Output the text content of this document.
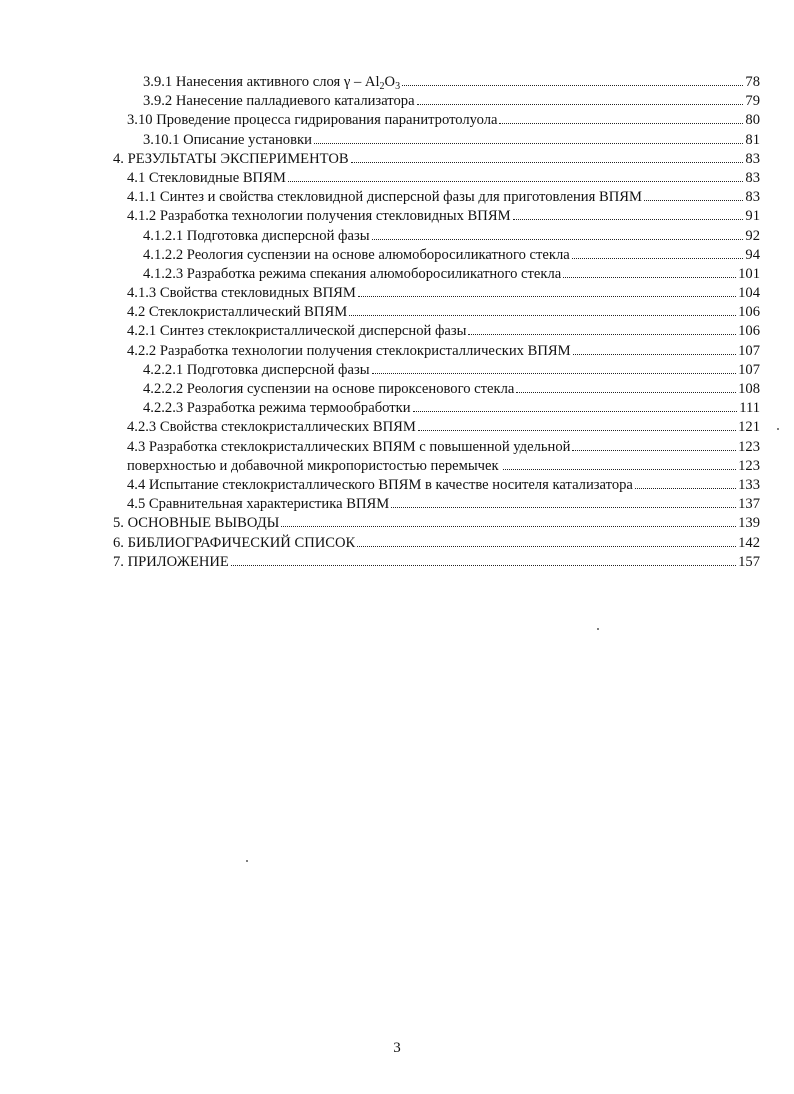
3.9.1 Нанесения активного слоя γ – $Al_2O_3$	78
3.9.2 Нанесение палладиевого катализатора	79
3.10 Проведение процесса гидрирования паранитротолуола	80
3.10.1 Описание установки	81
4. РЕЗУЛЬТАТЫ ЭКСПЕРИМЕНТОВ	83
4.1 Стекловидные ВПЯМ	83
4.1.1 Синтез и свойства стекловидной дисперсной фазы для приготовления ВПЯМ	83
4.1.2 Разработка технологии получения стекловидных ВПЯМ	91
4.1.2.1 Подготовка дисперсной фазы	92
4.1.2.2 Реология суспензии на основе алюмоборосиликатного стекла	94
4.1.2.3 Разработка режима спекания алюмоборосиликатного стекла	101
4.1.3 Свойства стекловидных ВПЯМ	104
4.2 Стеклокристаллический ВПЯМ	106
4.2.1 Синтез стеклокристаллической дисперсной фазы	106
4.2.2 Разработка технологии получения стеклокристаллических ВПЯМ	107
4.2.2.1 Подготовка дисперсной фазы	107
4.2.2.2 Реология суспензии на основе пироксенового стекла	108
4.2.2.3 Разработка режима термообработки	111
4.2.3 Свойства стеклокристаллических ВПЯМ	121
4.3 Разработка стеклокристаллических ВПЯМ с повышенной удельной	123
поверхностью и добавочной микропористостью перемычек	123
4.4 Испытание стеклокристаллического ВПЯМ в качестве носителя катализатора	133
4.5 Сравнительная характеристика ВПЯМ	137
5. ОСНОВНЫЕ ВЫВОДЫ	139
6. БИБЛИОГРАФИЧЕСКИЙ СПИСОК	142
7. ПРИЛОЖЕНИЕ	157
3
